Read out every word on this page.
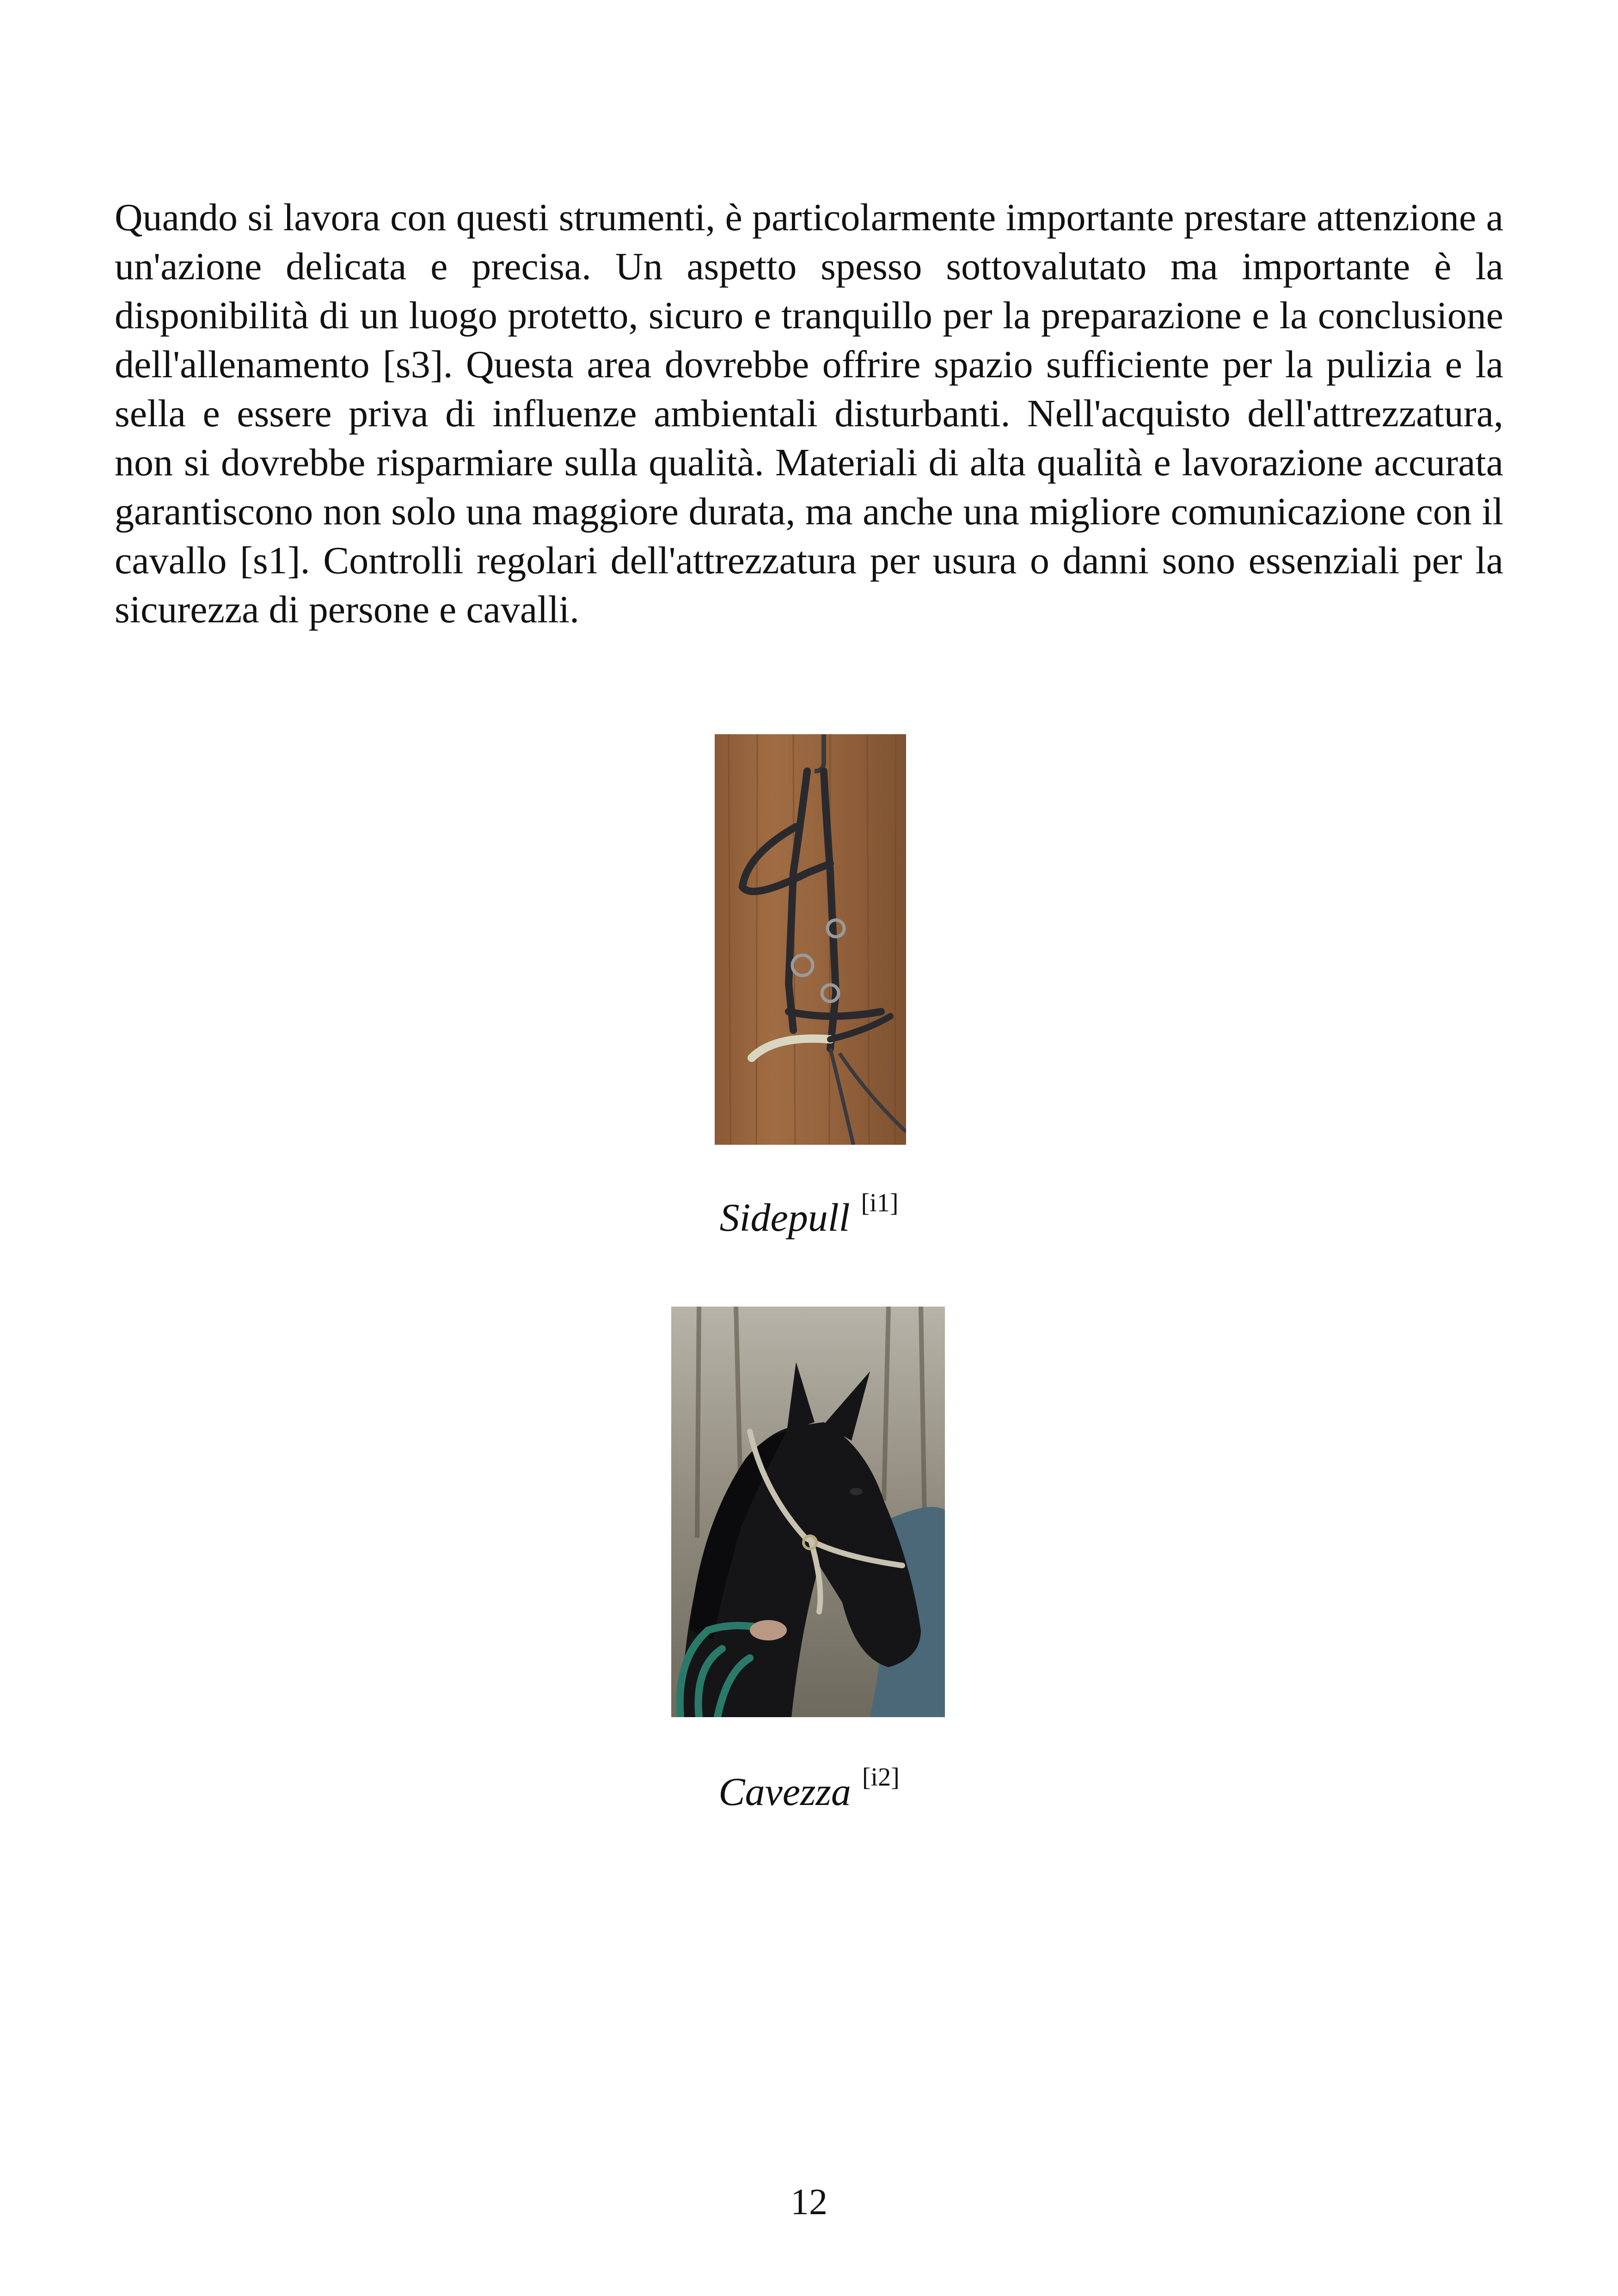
Quando si lavora con questi strumenti, è particolarmente importante prestare attenzione a un'azione delicata e precisa. Un aspetto spesso sottovalutato ma importante è la disponibilità di un luogo protetto, sicuro e tranquillo per la preparazione e la conclusione dell'allenamento [s3]. Questa area dovrebbe offrire spazio sufficiente per la pulizia e la sella e essere priva di influenze ambientali disturbanti. Nell'acquisto dell'attrezzatura, non si dovrebbe risparmiare sulla qualità. Materiali di alta qualità e lavorazione accurata garantiscono non solo una maggiore durata, ma anche una migliore comunicazione con il cavallo [s1]. Controlli regolari dell'attrezzatura per usura o danni sono essenziali per la sicurezza di persone e cavalli.

Sidepull [i1]
Cavezza [i2]
12
